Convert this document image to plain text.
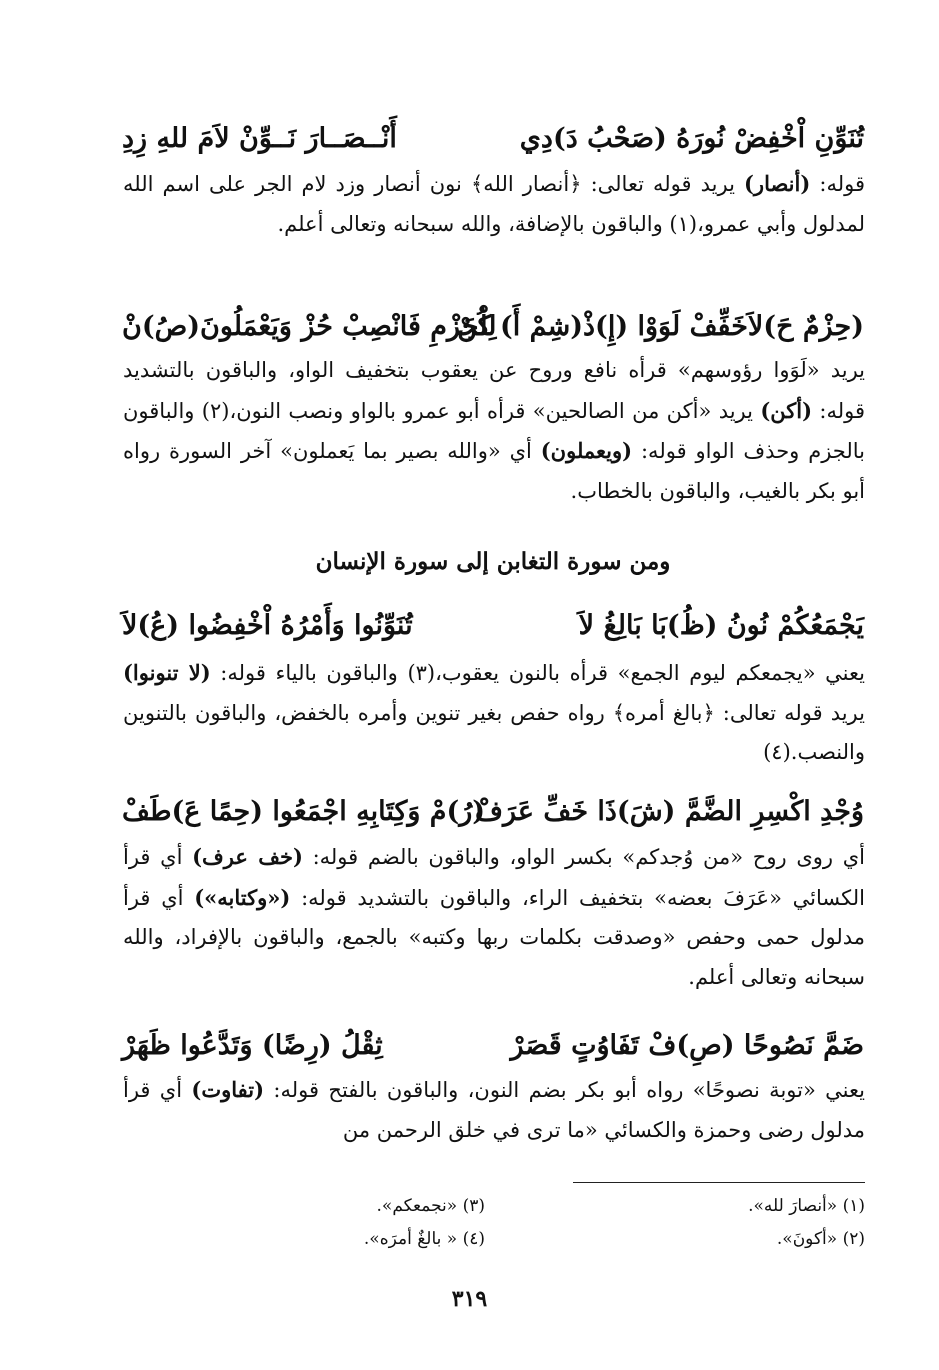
تُنَوِّنِ اْخْفِضْ نُورَهُ (صَحْبُ دَ)دِي
أَنْــصَــارَ نَــوِّنْ لاَمَ للهِ زِدِ

قوله: (أنصار) يريد قوله تعالى: ﴿أنصار الله﴾ نون أنصار وزد لام الجر على اسم الله لمدلول وأبي عمرو،(١) والباقون بالإضافة، والله سبحانه وتعالى أعلم.

(حِزْمٌ حَ)لاَخَفِّفْ لَوَوْا (إِ)ذْ(شِمْ أَ) كُنْ
لِلْجَزْمِ فَانْصِبْ حُزْ وَيَعْمَلُونَ(صُ)نْ

يريد «لَوَوا رؤوسهم» قرأه نافع وروح عن يعقوب بتخفيف الواو، والباقون بالتشديد قوله: (أكن) يريد «أكن من الصالحين» قرأه أبو عمرو بالواو ونصب النون،(٢) والباقون بالجزم وحذف الواو قوله: (ويعملون) أي «والله بصير بما يَعملون» آخر السورة رواه أبو بكر بالغيب، والباقون بالخطاب.

ومن سورة التغابن إلى سورة الإنسان
يَجْمَعُكُمْ نُونُ (ظُ)بَا بَالِغُ لاَ
تُنَوِّنُوا وَأَمْرُهُ اْخْفِضُوا (عُ)لاَ

يعني «يجمعكم ليوم الجمع» قرأه بالنون يعقوب،(٣) والباقون بالياء قوله: (لا تنونوا) يريد قوله تعالى: ﴿بالغ أمره﴾ رواه حفص بغير تنوين وأمره بالخفض، والباقون بالتنوين والنصب.(٤)

وُجْدِ اكْسِرِ الضَّمَّ (شَ)ذَا خَفِّ عَرَفْ
(رُ)مْ وَكِتَابِهِ اجْمَعُوا (حِمًا عَ)طَفْ

أي روى روح «من وُجدكم» بكسر الواو، والباقون بالضم قوله: (خف عرف) أي قرأ الكسائي «عَرَفَ بعضه» بتخفيف الراء، والباقون بالتشديد قوله: («وكتابه») أي قرأ مدلول حمى وحفص «وصدقت بكلمات ربها وكتبه» بالجمع، والباقون بالإفراد، والله سبحانه وتعالى أعلم.

ضَمَّ نَصُوحًا (صِ)فْ تَفَاوُتٍ قَصَرْ
ثِقْلُ (رِضًا) وَتَدَّعُوا ظَهَرْ

يعني «توبة نصوحًا» رواه أبو بكر بضم النون، والباقون بالفتح قوله: (تفاوت) أي قرأ مدلول رضى وحمزة والكسائي «ما ترى في خلق الرحمن من

(١) «أنصارَ لله».
(٢) «أكونَ».
(٣) «نجمعكم».
(٤) « بالغٌ أمرَه».
٣١٩
